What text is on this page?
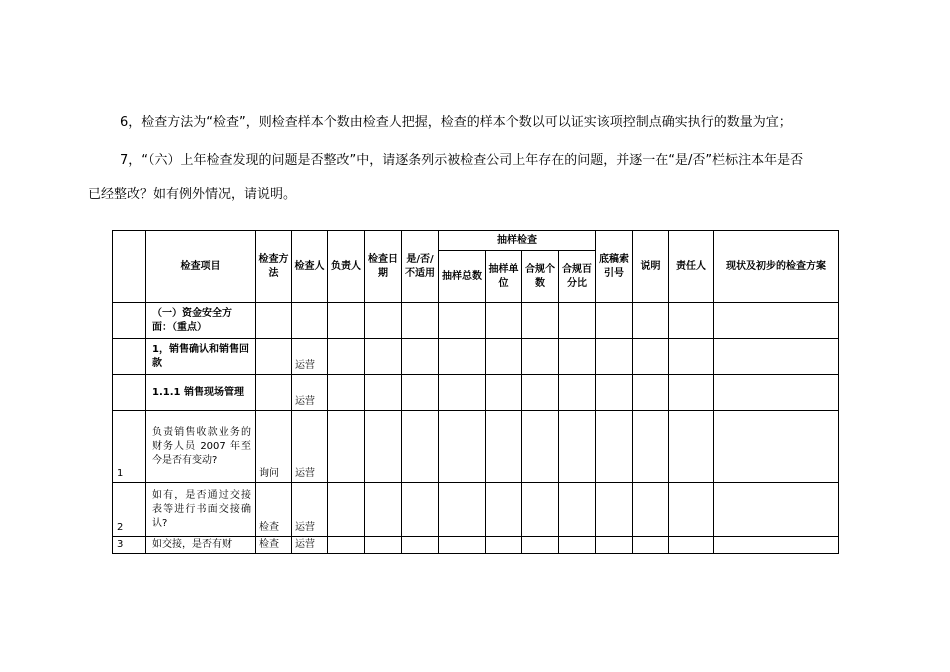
6，检查方法为“检查”，则检查样本个数由检查人把握，检查的样本个数以可以证实该项控制点确实执行的数量为宜；
7，“（六）上年检查发现的问题是否整改”中，请逐条列示被检查公司上年存在的问题，并逐一在“是/否”栏标注本年是否
已经整改？如有例外情况，请说明。
	检查项目	检查方法	检查人	负责人	检查日期	是/否/不适用	抽样检查				底稿索引号	说明	责任人	现状及初步的检查方案
							抽样总数	抽样单位	合规个数	合规百分比				
	（一）资金安全方面：（重点）													
	1，销售确认和销售回款		运营											
	1.1.1 销售现场管理		运营											
1	负责销售收款业务的财务人员 2007 年至今是否有变动?	询问	运营											
2	如有，是否通过交接表等进行书面交接确认?	检查	运营											
3	如交接，是否有财	检查	运营											
